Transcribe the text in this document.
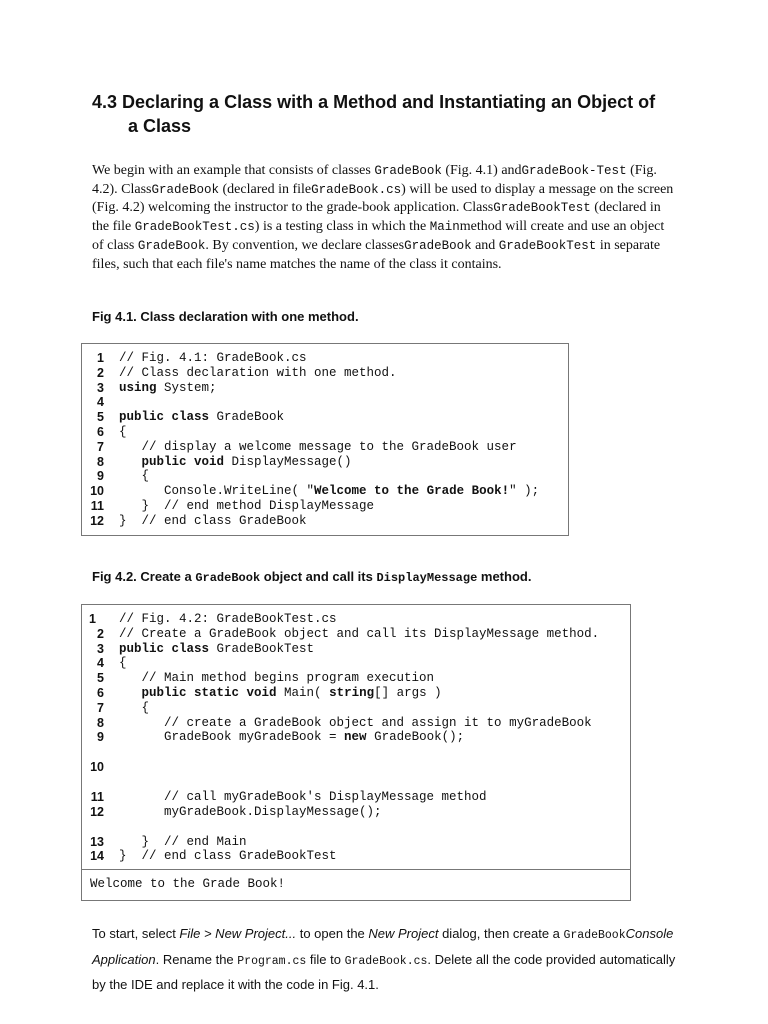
4.3 Declaring a Class with a Method and Instantiating an Object of
a Class

We begin with an example that consists of classes GradeBook (Fig. 4.1) andGradeBook-Test (Fig. 4.2). ClassGradeBook (declared in fileGradeBook.cs) will be used to display a message on the screen (Fig. 4.2) welcoming the instructor to the grade-book application. ClassGradeBookTest (declared in the file GradeBookTest.cs) is a testing class in which the Mainmethod will create and use an object of class GradeBook. By convention, we declare classesGradeBook and GradeBookTest in separate files, such that each file's name matches the name of the class it contains.

Fig 4.1. Class declaration with one method.

1 // Fig. 4.1: GradeBook.cs
2 // Class declaration with one method.
3 using System;
4
5 public class GradeBook
6 {
7 // display a welcome message to the GradeBook user
8	public void DisplayMessage()
9 {
10 Console.WriteLine( "Welcome to the Grade Book!" );
11 }  // end method DisplayMessage
12 }  // end class GradeBook

Fig 4.2. Create a GradeBook object and call its DisplayMessage method.

Welcome to the Grade Book!
1	// Fig. 4.2: GradeBookTest.cs
2 // Create a GradeBook object and call its DisplayMessage method.
3 public class GradeBookTest
4 {
5 // Main method begins program execution
6	public static void Main( string[] args )
7 {
8 // create a GradeBook object and assign it to myGradeBook
9 GradeBook myGradeBook = new GradeBook();
10
11 // call myGradeBook's DisplayMessage method
12 myGradeBook.DisplayMessage();
13 }  // end Main
14 }  // end class GradeBookTest

To start, select File > New Project... to open the New Project dialog, then create a GradeBookConsole Application. Rename the Program.cs file to GradeBook.cs. Delete all the code provided automatically by the IDE and replace it with the code in Fig. 4.1.
